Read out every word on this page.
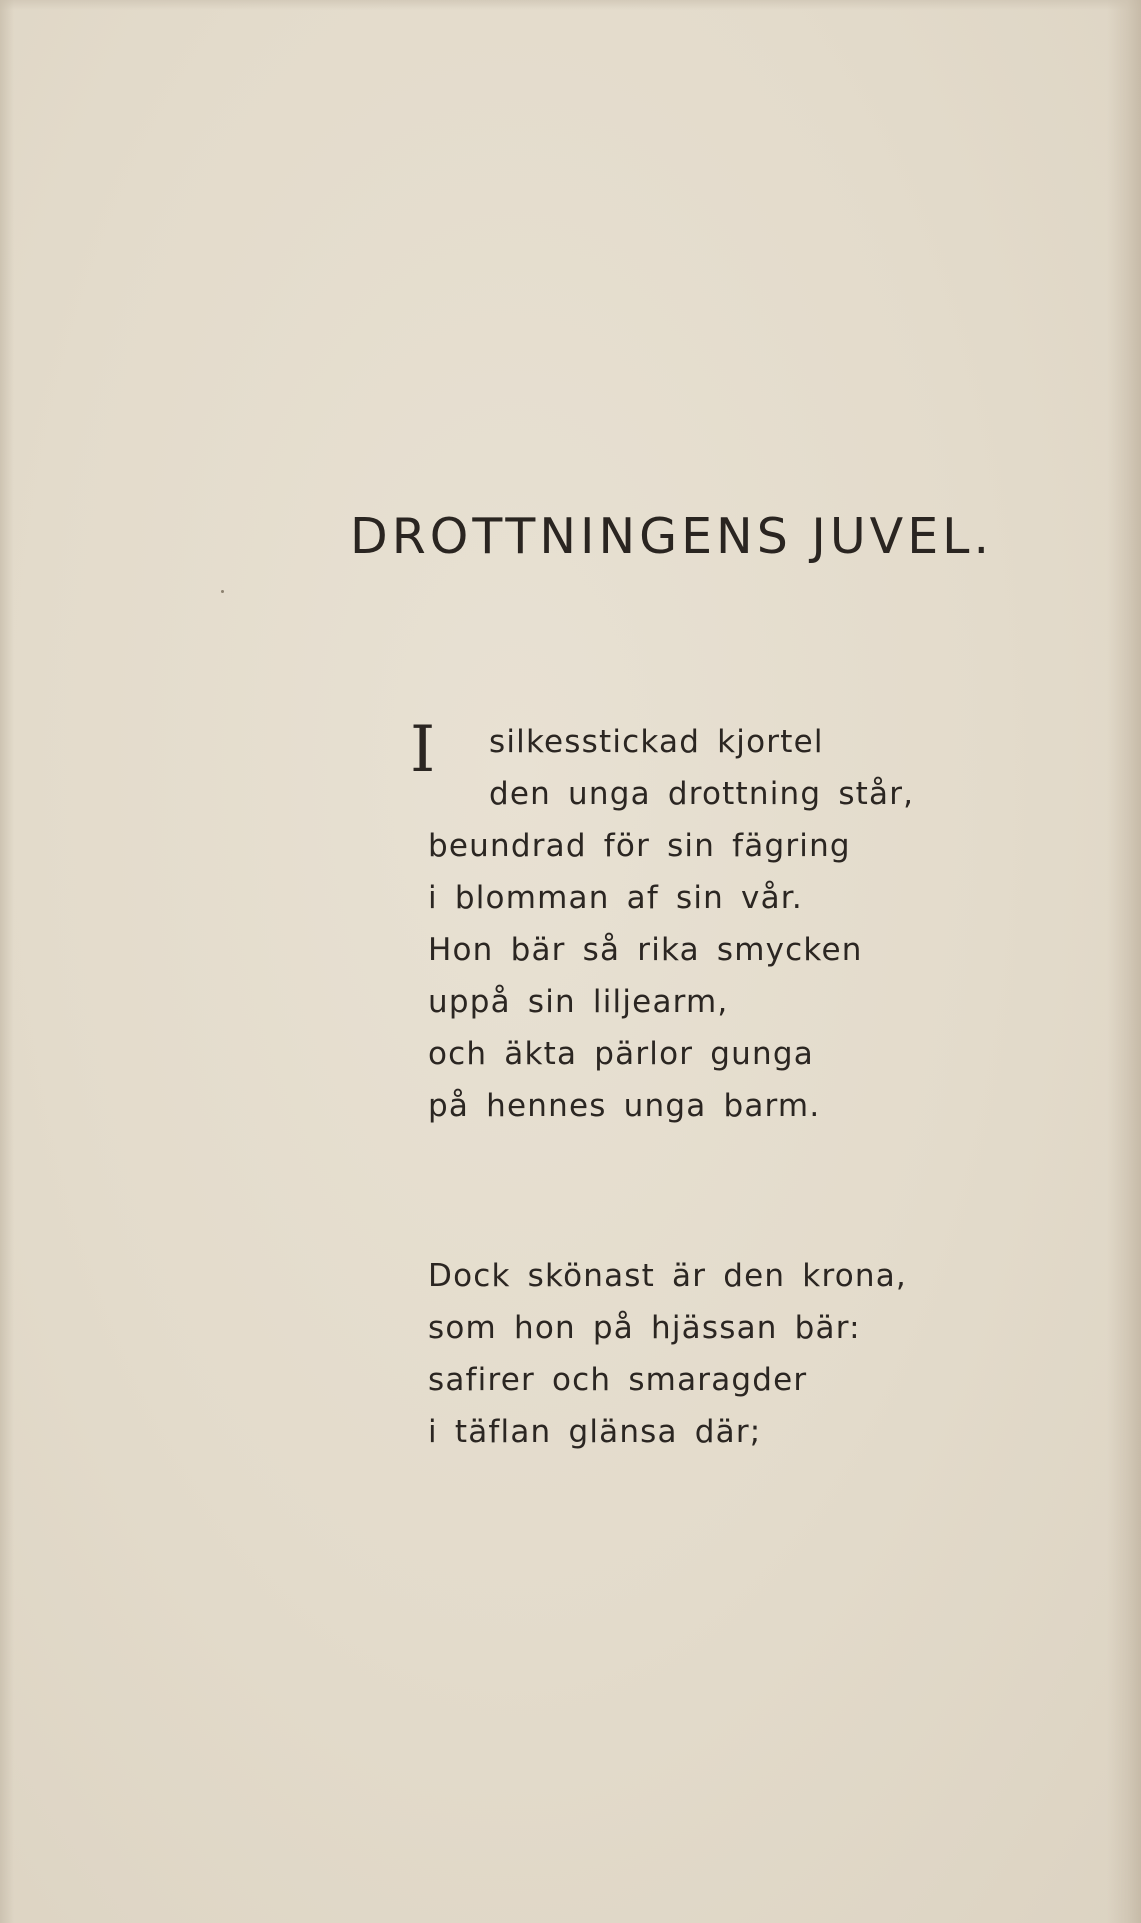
DROTTNINGENS JUVEL.
I	silkesstickad kjortel
den unga drottning står,
beundrad för sin fägring
i blomman af sin vår.
Hon bär så rika smycken
uppå sin liljearm,
och äkta pärlor gunga
på hennes unga barm.
Dock skönast är den krona,
som hon på hjässan bär:
safirer och smaragder
i täflan glänsa där;
